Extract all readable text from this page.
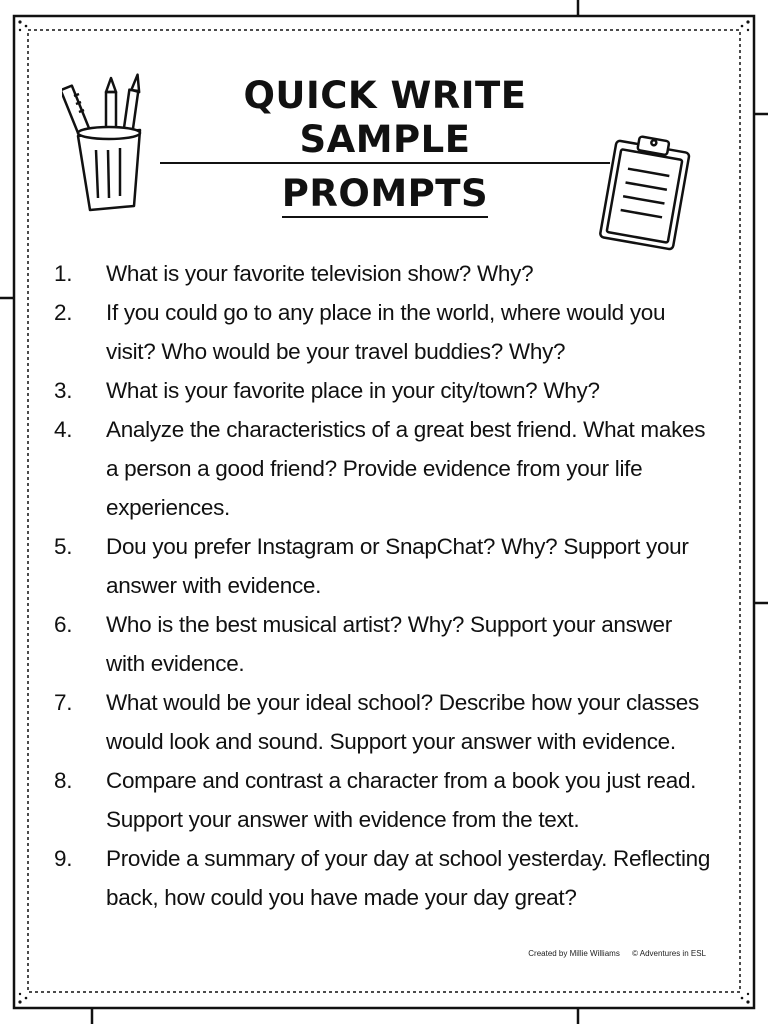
QUICK WRITE SAMPLE
PROMPTS
1.	What is your favorite television show? Why?
2.	If you could go to any place in the world, where would you visit? Who would be your travel buddies? Why?
3.	What is your favorite place in your city/town? Why?
4.	Analyze the characteristics of a great best friend. What makes a person a good friend? Provide evidence from your life experiences.
5.	Dou you prefer Instagram or SnapChat? Why? Support your answer with evidence.
6.	Who is the best musical artist? Why? Support your answer with evidence.
7.	What would be your ideal school? Describe how your classes would look and sound. Support your answer with evidence.
8.	Compare and contrast a character from a book you just read. Support your answer with evidence from the text.
9.	Provide a summary of your day at school yesterday. Reflecting back, how could you have made your day great?
Created by Millie Williams © Adventures in ESL
